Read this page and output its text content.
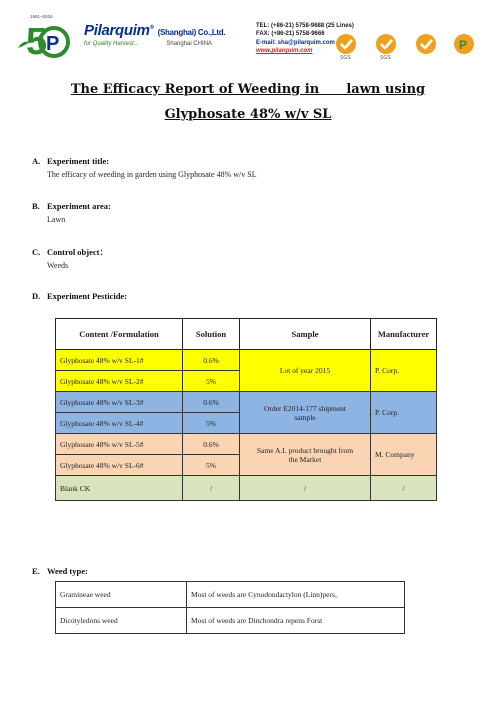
1991~2016
5
P
Pilarquim® (Shanghai) Co.,Ltd.
for Quality Harvest...	Shanghai CHINA
TEL: (+86-21) 5758-9688 (25 Lines)
FAX: (+86-21) 5758-9666
E-mail: sha@pilarquim.com
www.pilarquim.com
SGS	SGS
P
The Efficacy Report of Weeding in      lawn using
Glyphosate 48% w/v SL
A. Experiment title:
The efficacy of weeding in garden using Glyphosate 48% w/v SL
B. Experiment area:
Lawn
C. Control object：
Weeds
D. Experiment Pesticide:
Content /Formulation	Solution	Sample	Manufacturer
Glyphosate 48% w/v SL-1#	0.6%	Lot of year 2015	P. Corp.
Glyphosate 48% w/v SL-2#	5%		
Glyphosate 48% w/v SL-3#	0.6%	Order E2014-177 shipment sample	P. Corp.
Glyphosate 48% w/v SL-4#	5%		
Glyphosate 48% w/v SL-5#	0.6%	Same A.I. product brought from the Market	M. Company
Glyphosate 48% w/v SL-6#	5%		
Blank CK	/	/	/
E. Weed type:
Gramineae weed	Most of weeds are Cynodondactylon (Linn)pers。
Dicotyledons weed	Most of weeds are Dinchondra repens Forst
